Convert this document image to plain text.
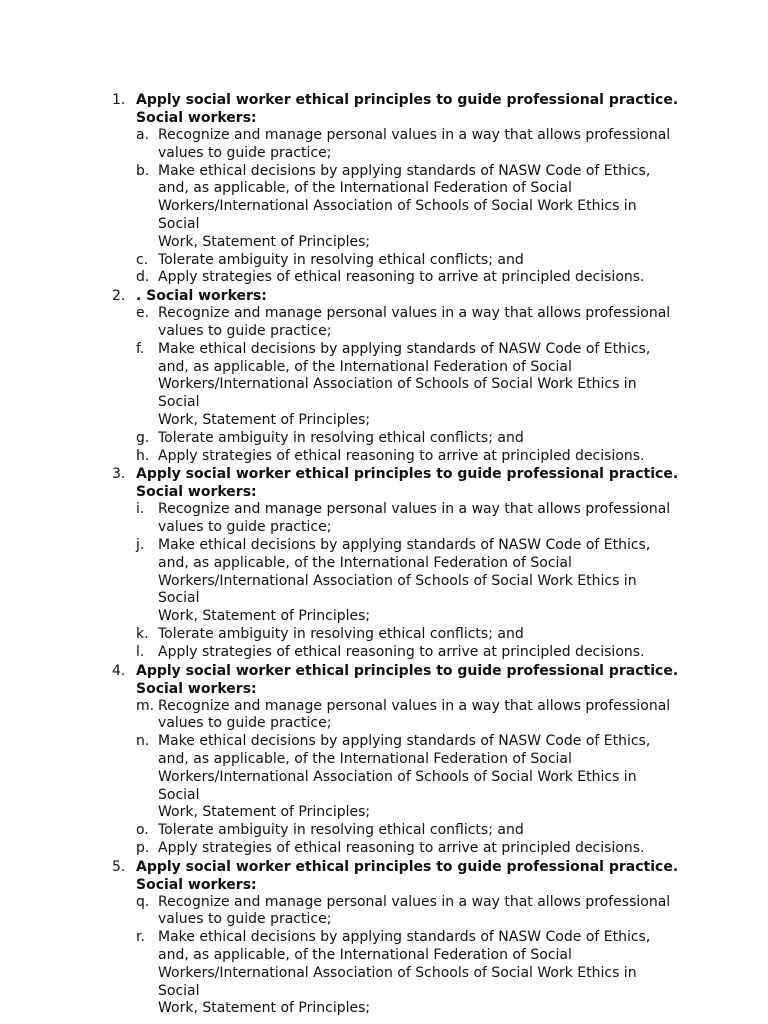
1. Apply social worker ethical principles to guide professional practice.
Social workers:
a. Recognize and manage personal values in a way that allows professional
values to guide practice;
b. Make ethical decisions by applying standards of NASW Code of Ethics,
and, as applicable, of the International Federation of Social
Workers/International Association of Schools of Social Work Ethics in Social
Work, Statement of Principles;
c. Tolerate ambiguity in resolving ethical conflicts; and
d. Apply strategies of ethical reasoning to arrive at principled decisions.
2. . Social workers:
e. Recognize and manage personal values in a way that allows professional
values to guide practice;
f. Make ethical decisions by applying standards of NASW Code of Ethics,
and, as applicable, of the International Federation of Social
Workers/International Association of Schools of Social Work Ethics in Social
Work, Statement of Principles;
g. Tolerate ambiguity in resolving ethical conflicts; and
h. Apply strategies of ethical reasoning to arrive at principled decisions.
3. Apply social worker ethical principles to guide professional practice.
Social workers:
i. Recognize and manage personal values in a way that allows professional
values to guide practice;
j. Make ethical decisions by applying standards of NASW Code of Ethics,
and, as applicable, of the International Federation of Social
Workers/International Association of Schools of Social Work Ethics in Social
Work, Statement of Principles;
k. Tolerate ambiguity in resolving ethical conflicts; and
l. Apply strategies of ethical reasoning to arrive at principled decisions.
4. Apply social worker ethical principles to guide professional practice.
Social workers:
m. Recognize and manage personal values in a way that allows professional
values to guide practice;
n. Make ethical decisions by applying standards of NASW Code of Ethics,
and, as applicable, of the International Federation of Social
Workers/International Association of Schools of Social Work Ethics in Social
Work, Statement of Principles;
o. Tolerate ambiguity in resolving ethical conflicts; and
p. Apply strategies of ethical reasoning to arrive at principled decisions.
5. Apply social worker ethical principles to guide professional practice.
Social workers:
q. Recognize and manage personal values in a way that allows professional
values to guide practice;
r. Make ethical decisions by applying standards of NASW Code of Ethics,
and, as applicable, of the International Federation of Social
Workers/International Association of Schools of Social Work Ethics in Social
Work, Statement of Principles;
